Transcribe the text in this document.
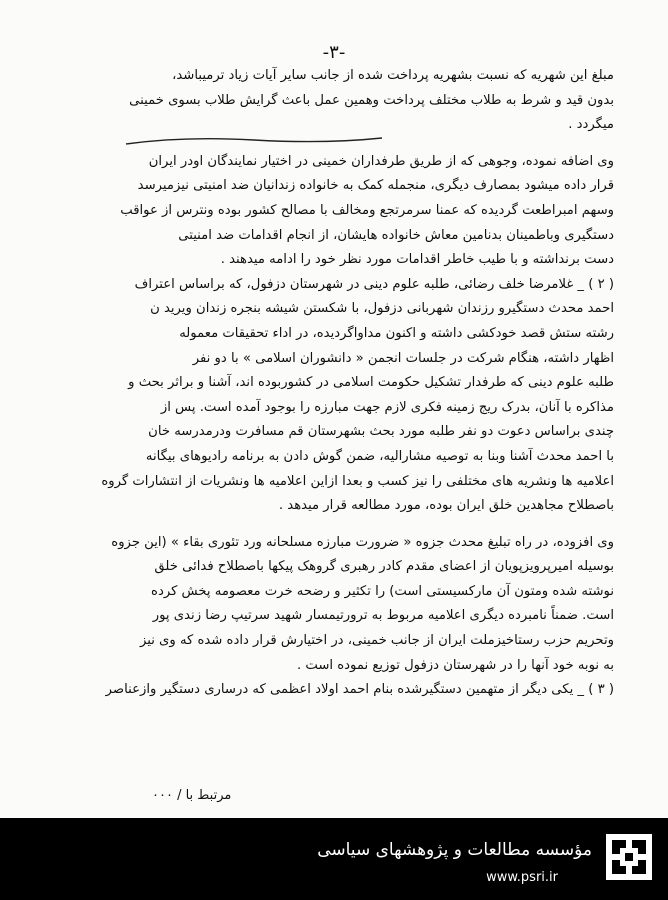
-٣-
مبلغ این شهریه که نسبت بشهریه پرداخت شده از جانب سایر آیات زیاد ترمیباشد،
بدون قید و شرط به طلاب مختلف پرداخت وهمین عمل باعث گرایش طلاب بسوی خمینی
میگردد .
وی اضافه نموده، وجوهی که از طریق طرفداران خمینی در اختیار نمایندگان اودر ایران
قرار داده میشود بمصارف دیگری، منجمله کمک به خانواده زندانیان ضد امنیتی نیزمیرسد
وسهم امبراطعت گردیده که عمنا سرمرتجع ومخالف با مصالح کشور بوده ونترس از عواقب
دستگیری وباطمینان بدنامین معاش خانواده هایشان، از انجام اقدامات ضد امنیتی
دست برنداشته و با طیب خاطر اقدامات مورد نظر خود را ادامه میدهند .
( ٢ ) _ غلامرضا خلف رضائی، طلبه علوم دینی در شهرستان دزفول، که براساس اعتراف
احمد محدث دستگیرو رزندان شهربانی دزفول، با شکستن شیشه بنجره زندان ویرید ن
رشته ستش قصد خودکشی داشته و اکنون مداواگردیده، در اداء تحقیقات معموله
اظهار داشته، هنگام شرکت در جلسات انجمن « دانشوران اسلامی » با دو نفر
طلبه علوم دینی که طرفدار تشکیل حکومت اسلامی در کشوربوده اند، آشنا و براثر بحث و
مذاکره با آنان، بدرک ریج زمینه فکری لازم جهت مبارزه را بوجود آمده است. پس از
چندی براساس دعوت دو نفر طلبه مورد بحث بشهرستان قم مسافرت ودرمدرسه خان
با احمد محدث آشنا وبنا به توصیه مشارالیه، ضمن گوش دادن به برنامه رادیوهای بیگانه
اعلامیه ها ونشریه های مختلفی را نیز کسب و بعدا ازاین اعلامیه ها ونشریات از انتشارات گروه
باصطلاح مجاهدین خلق ایران بوده، مورد مطالعه قرار میدهد .
وی افزوده، در راه تبلیغ محدث جزوه « ضرورت مبارزه مسلحانه ورد تئوری بقاء » (این جزوه
بوسیله امیرپرویزپویان از اعضای مقدم کادر رهبری گروهک پیکها باصطلاح فدائی خلق
نوشته شده ومتون آن مارکسیستی است) را تکثیر و رضحه خرت معصومه پخش کرده
است. ضمناً نامبرده دیگری اعلامیه مربوط به ترورتیمسار شهید سرتیپ رضا زندی پور
وتحریم حزب رستاخیزملت ایران از جانب خمینی، در اختیارش قرار داده شده که وی نیز
به نوبه خود آنها را در شهرستان دزفول توزیع نموده است .
( ٣ ) _ یکی دیگر از متهمین دستگیرشده بنام احمد اولاد اعظمی که درساری دستگیر وازعناصر
مرتبط با / ۰۰۰
مؤسسه مطالعات و پژوهشهای سیاسی
www.psri.ir
